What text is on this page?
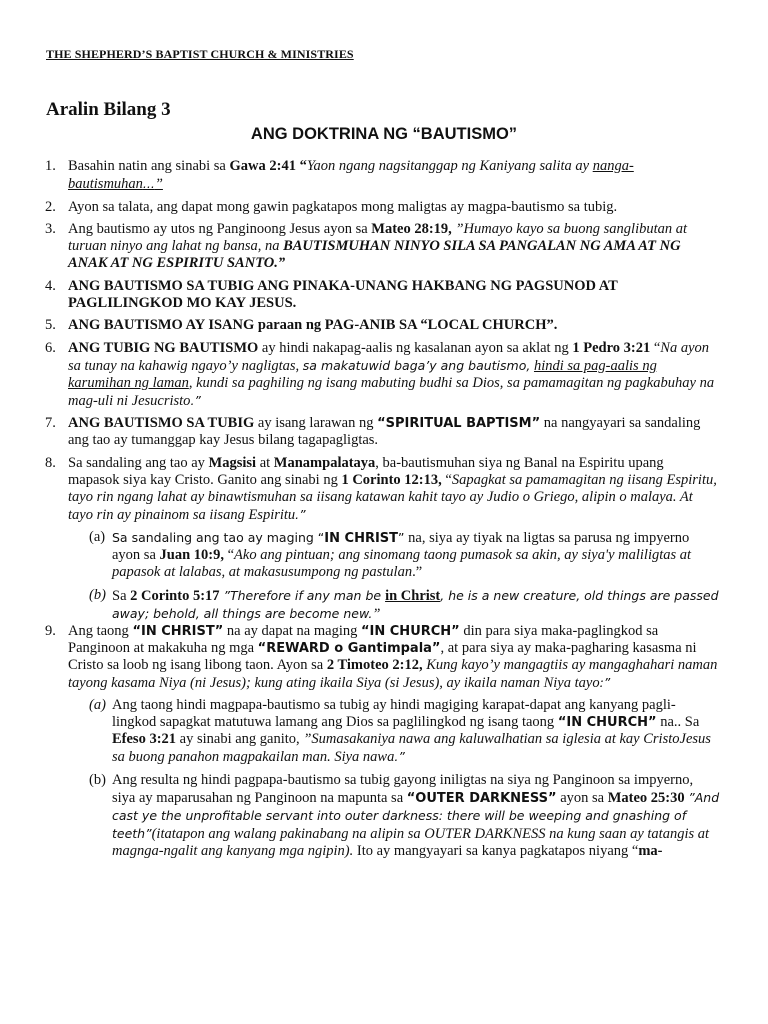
THE SHEPHERD’S BAPTIST CHURCH & MINISTRIES
Aralin Bilang 3
ANG DOKTRINA NG “BAUTISMO”
1. Basahin natin ang sinabi sa Gawa 2:41 “Yaon ngang nagsitanggap ng Kaniyang salita ay nanga-bautismuhan...”
2. Ayon sa talata, ang dapat mong gawin pagkatapos mong maligtas ay magpa-bautismo sa tubig.
3. Ang bautismo ay utos ng Panginoong Jesus ayon sa Mateo 28:19, ”Humayo kayo sa buong sanglibutan at turuan ninyo ang lahat ng bansa, na BAUTISMUHAN NINYO SILA SA PANGALAN NG AMA AT NG ANAK AT NG ESPIRITU SANTO.”
4. ANG BAUTISMO SA TUBIG ANG PINAKA-UNANG HAKBANG NG PAGSUNOD AT PAGLILINGKOD MO KAY JESUS.
5. ANG BAUTISMO AY ISANG paraan ng PAG-ANIB SA “LOCAL CHURCH”.
6. ANG TUBIG NG BAUTISMO ay hindi nakapag-aalis ng kasalanan ayon sa aklat ng 1 Pedro 3:21 “Na ayon sa tunay na kahawig ngayo’y nagligtas, sa makatuwid baga’y ang bautismo, hindi sa pag-aalis ng karumihan ng laman, kundi sa paghiling ng isang mabuting budhi sa Dios, sa pamamagitan ng pagkabuhay na mag-uli ni Jesucristo.”
7. ANG BAUTISMO SA TUBIG ay isang larawan ng “SPIRITUAL BAPTISM” na nangyayari sa sandaling ang tao ay tumanggap kay Jesus bilang tagapagligtas.
8. Sa sandaling ang tao ay Magsisi at Manampalataya, ba-bautismuhan siya ng Banal na Espiritu upang mapasok siya kay Cristo. Ganito ang sinabi ng 1 Corinto 12:13, “Sapagkat sa pamamagitan ng iisang Espiritu, tayo rin ngang lahat ay binawtismuhan sa iisang katawan kahit tayo ay Judio o Griego, alipin o malaya. At tayo rin ay pinainom sa iisang Espiritu.”
(a) Sa sandaling ang tao ay maging “IN CHRIST” na, siya ay tiyak na ligtas sa parusa ng impyerno ayon sa Juan 10:9, “Ako ang pintuan; ang sinomang taong pumasok sa akin, ay siya'y maliligtas at papasok at lalabas, at makasusumpong ng pastulan.”
(b) Sa 2 Corinto 5:17 ”Therefore if any man be in Christ, he is a new creature, old things are passed away; behold, all things are become new.”
9. Ang taong “IN CHRIST” na ay dapat na maging “IN CHURCH” din para siya maka-paglingkod sa Panginoon at makakuha ng mga “REWARD o Gantimpala”, at para siya ay maka-pagharing kasasma ni Cristo sa loob ng isang libong taon. Ayon sa 2 Timoteo 2:12, Kung kayo’y mangagtiis ay mangaghahari naman tayong kasama Niya (ni Jesus); kung ating ikaila Siya (si Jesus), ay ikaila naman Niya tayo:”
(a) Ang taong hindi magpapa-bautismo sa tubig ay hindi magiging karapat-dapat ang kanyang pagli-lingkod sapagkat matutuwa lamang ang Dios sa paglilingkod ng isang taong “IN CHURCH” na.. Sa Efeso 3:21 ay sinabi ang ganito, ”Sumasakaniya nawa ang kaluwalhatian sa iglesia at kay CristoJesus sa buong panahon magpakailan man. Siya nawa.”
(b) Ang resulta ng hindi pagpapa-bautismo sa tubig gayong iniligtas na siya ng Panginoon sa impyerno, siya ay maparusahan ng Panginoon na mapunta sa “OUTER DARKNESS” ayon sa Mateo 25:30 ”And cast ye the unprofitable servant into outer darkness: there will be weeping and gnashing of teeth”(itatapon ang walang pakinabang na alipin sa OUTER DARKNESS na kung saan ay tatangis at magnga-ngalit ang kanyang mga ngipin). Ito ay mangyayari sa kanya pagkatapos niyang “ma-
